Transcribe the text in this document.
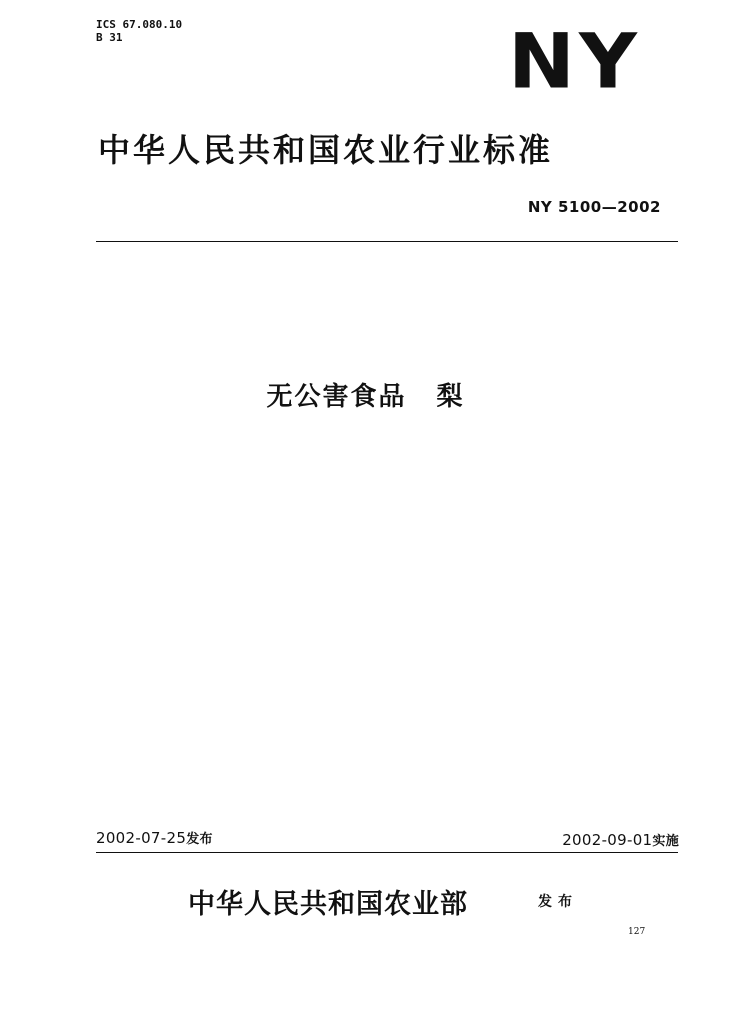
ICS 67.080.10
B 31	NY
中华人民共和国农业行业标准
NY 5100—2002
无公害食品 梨
2002-07-25发布	2002-09-01实施
中华人民共和国农业部	发布
127
